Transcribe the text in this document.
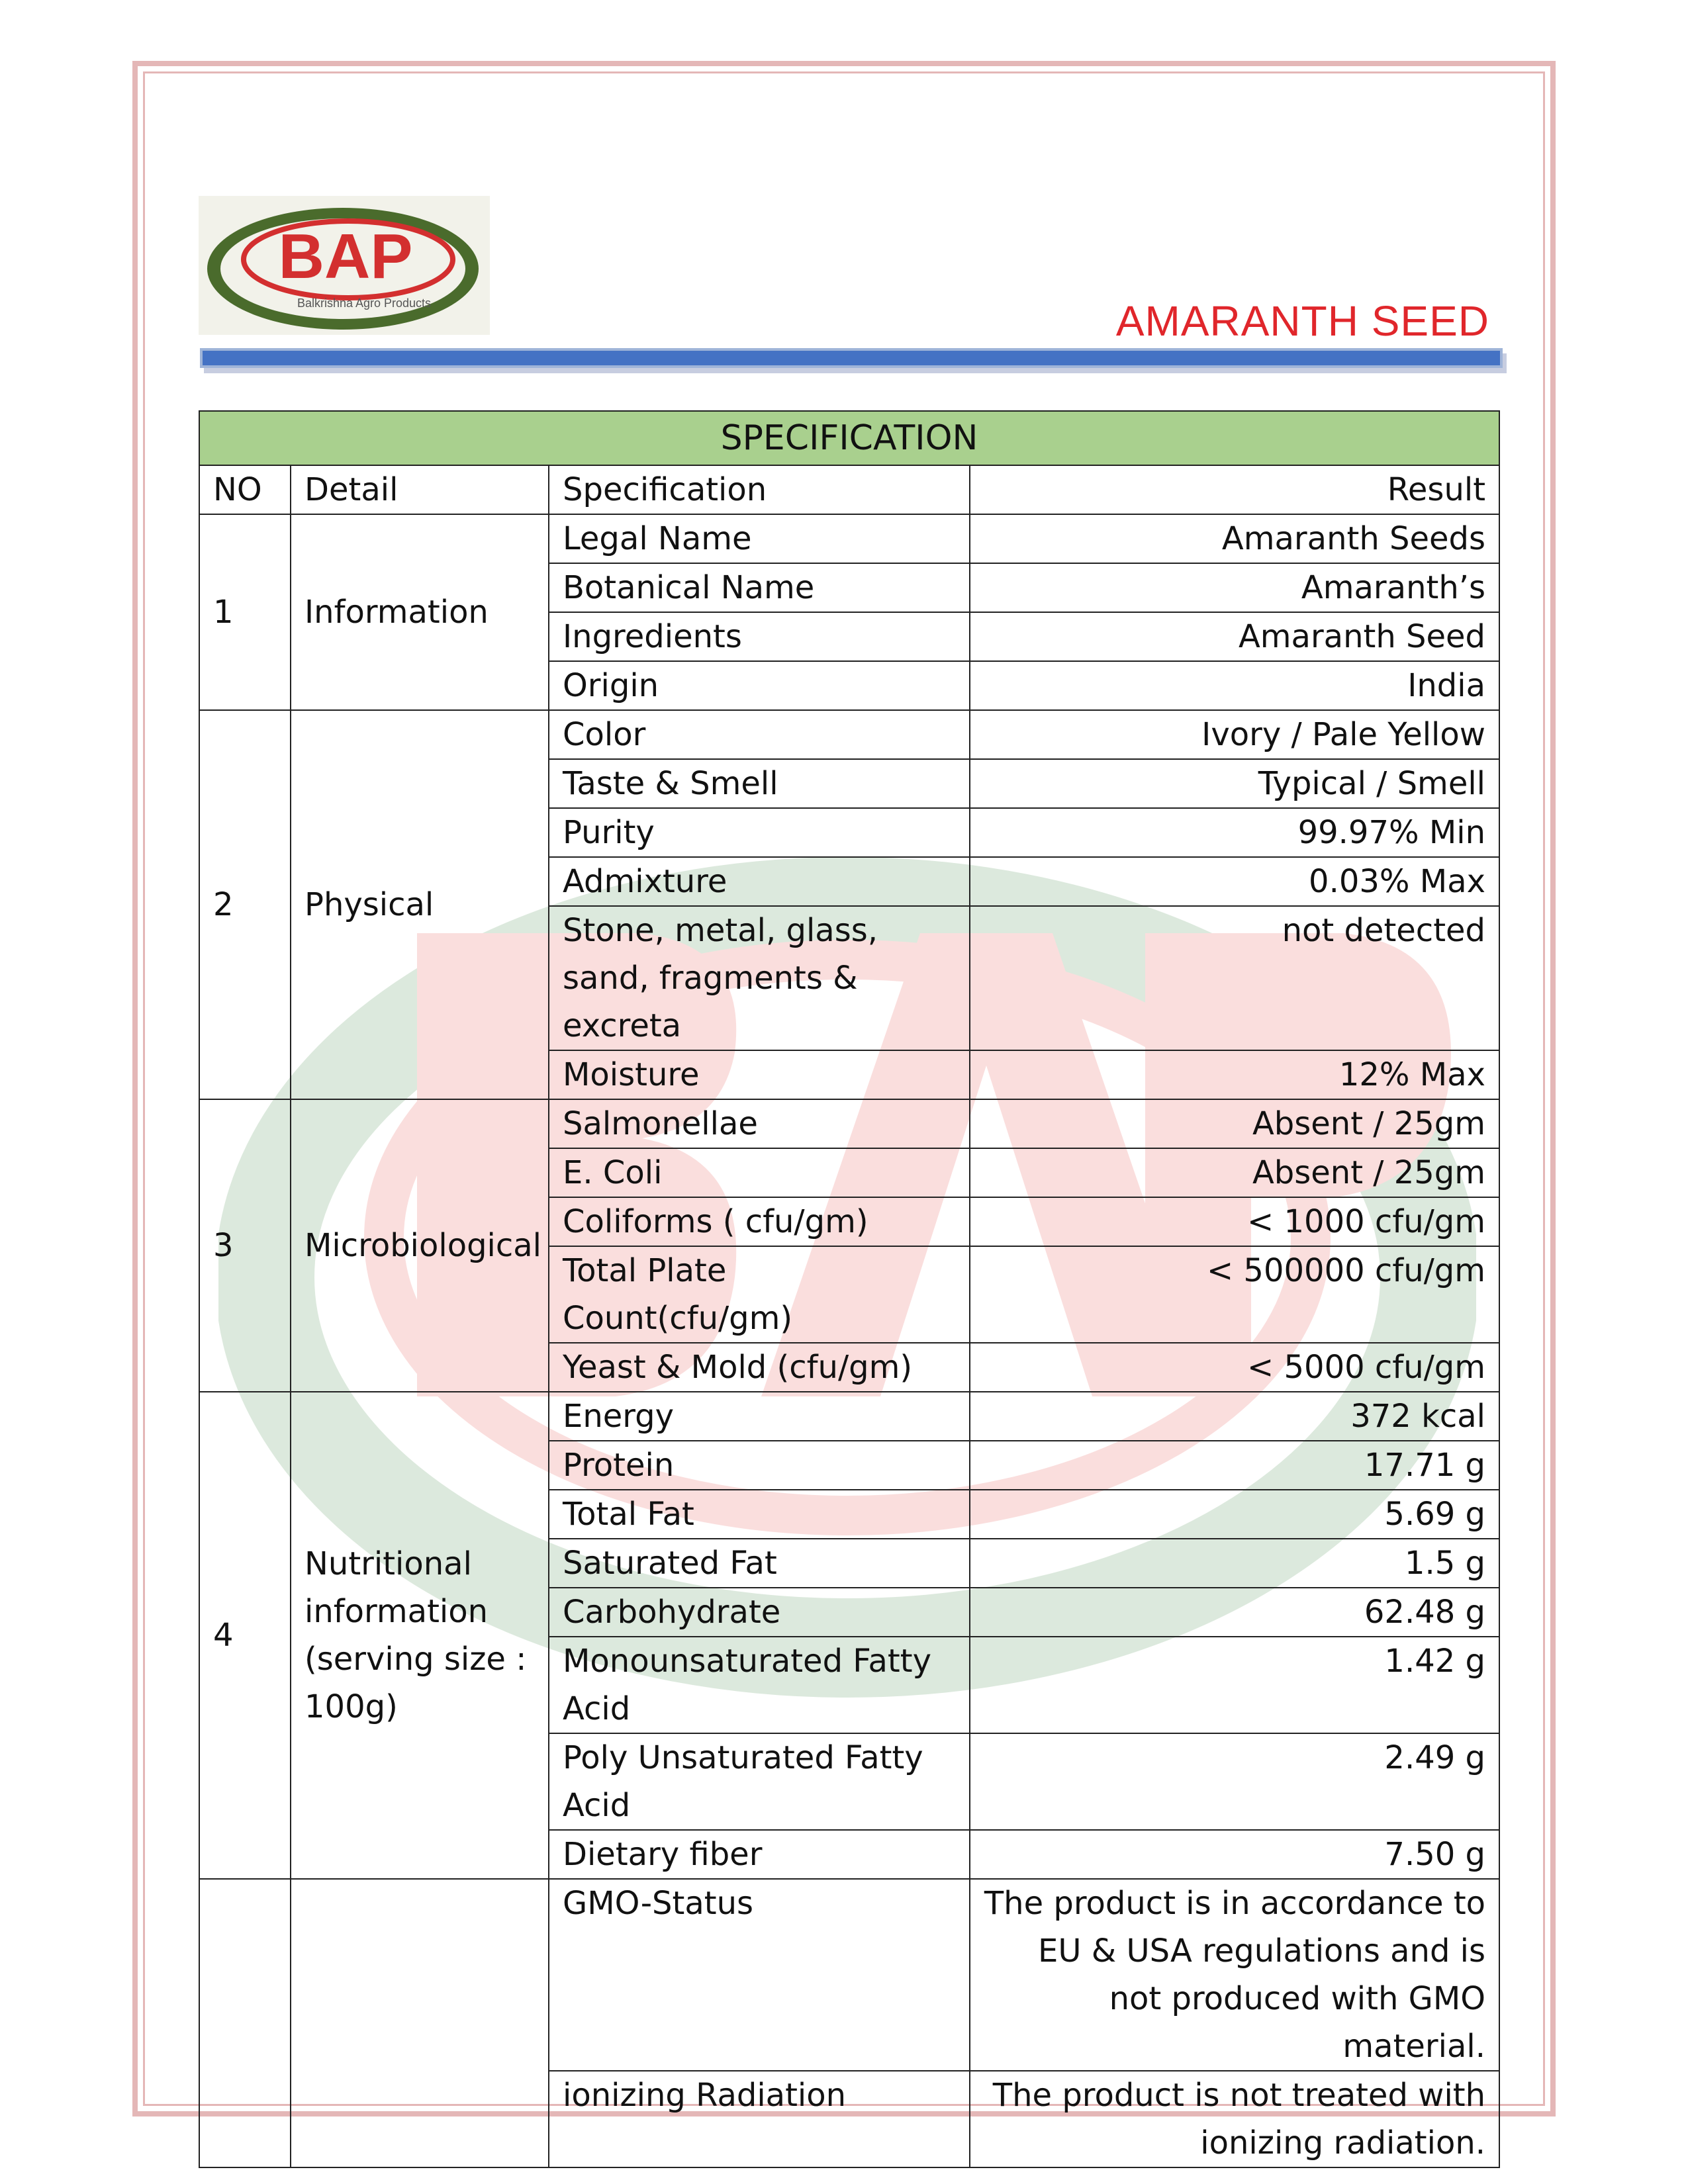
BAP
Balkrishna Agro Products	AMARANTH SEED
SPECIFICATION			
NO	Detail	Specification	Result
1	Information	Legal Name	Amaranth Seeds
		Botanical Name	Amaranth’s
		Ingredients	Amaranth Seed
		Origin	India
2	Physical	Color	Ivory / Pale Yellow
		Taste & Smell	Typical / Smell
		Purity	99.97% Min
		Admixture	0.03% Max
		Stone, metal, glass, sand, fragments & excreta	not detected
		Moisture	12% Max
3	Microbiological	Salmonellae	Absent / 25gm
		E. Coli	Absent / 25gm
		Coliforms ( cfu/gm)	< 1000 cfu/gm
		Total Plate Count(cfu/gm)	< 500000 cfu/gm
		Yeast & Mold (cfu/gm)	< 5000 cfu/gm
4	Nutritional information (serving size : 100g)	Energy	372 kcal
		Protein	17.71 g
		Total Fat	5.69 g
		Saturated Fat	1.5 g
		Carbohydrate	62.48 g
		Monounsaturated Fatty Acid	1.42 g
		Poly Unsaturated Fatty Acid	2.49 g
		Dietary fiber	7.50 g
		GMO-Status	The product is in accordance to EU & USA regulations and is not produced with GMO material.
		ionizing Radiation	The product is not treated with ionizing radiation.
